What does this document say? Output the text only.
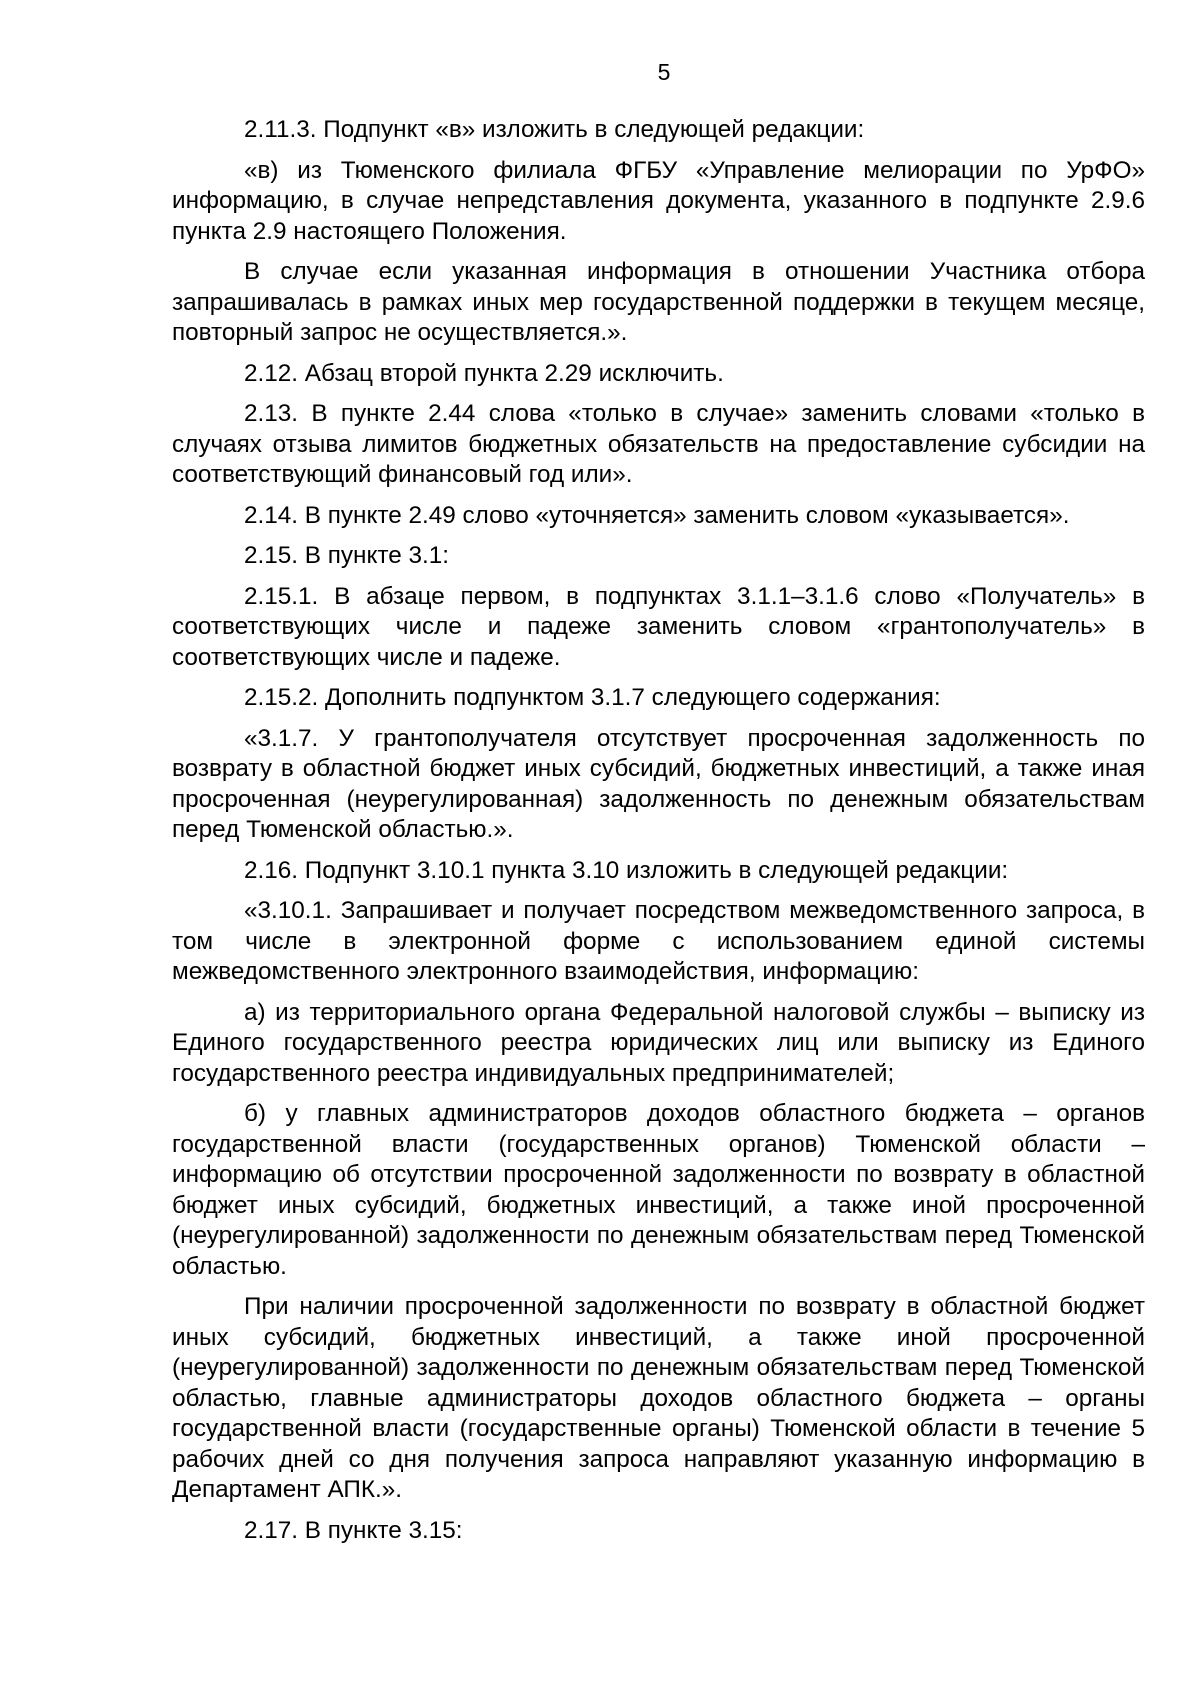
5

2.11.3. Подпункт «в» изложить в следующей редакции:

«в) из Тюменского филиала ФГБУ «Управление мелиорации по УрФО» информацию, в случае непредставления документа, указанного в подпункте 2.9.6 пункта 2.9 настоящего Положения.

В случае если указанная информация в отношении Участника отбора запрашивалась в рамках иных мер государственной поддержки в текущем месяце, повторный запрос не осуществляется.».

2.12. Абзац второй пункта 2.29 исключить.

2.13. В пункте 2.44 слова «только в случае» заменить словами «только в случаях отзыва лимитов бюджетных обязательств на предоставление субсидии на соответствующий финансовый год или».

2.14. В пункте 2.49 слово «уточняется» заменить словом «указывается».

2.15. В пункте 3.1:

2.15.1. В абзаце первом, в подпунктах 3.1.1–3.1.6 слово «Получатель» в соответствующих числе и падеже заменить словом «грантополучатель» в соответствующих числе и падеже.

2.15.2. Дополнить подпунктом 3.1.7 следующего содержания:

«3.1.7. У грантополучателя отсутствует просроченная задолженность по возврату в областной бюджет иных субсидий, бюджетных инвестиций, а также иная просроченная (неурегулированная) задолженность по денежным обязательствам перед Тюменской областью.».

2.16. Подпункт 3.10.1 пункта 3.10 изложить в следующей редакции:

«3.10.1. Запрашивает и получает посредством межведомственного запроса, в том числе в электронной форме с использованием единой системы межведомственного электронного взаимодействия, информацию:

а) из территориального органа Федеральной налоговой службы – выписку из Единого государственного реестра юридических лиц или выписку из Единого государственного реестра индивидуальных предпринимателей;

б) у главных администраторов доходов областного бюджета – органов государственной власти (государственных органов) Тюменской области – информацию об отсутствии просроченной задолженности по возврату в областной бюджет иных субсидий, бюджетных инвестиций, а также иной просроченной (неурегулированной) задолженности по денежным обязательствам перед Тюменской областью.

При наличии просроченной задолженности по возврату в областной бюджет иных субсидий, бюджетных инвестиций, а также иной просроченной (неурегулированной) задолженности по денежным обязательствам перед Тюменской областью, главные администраторы доходов областного бюджета – органы государственной власти (государственные органы) Тюменской области в течение 5 рабочих дней со дня получения запроса направляют указанную информацию в Департамент АПК.».

2.17. В пункте 3.15:
